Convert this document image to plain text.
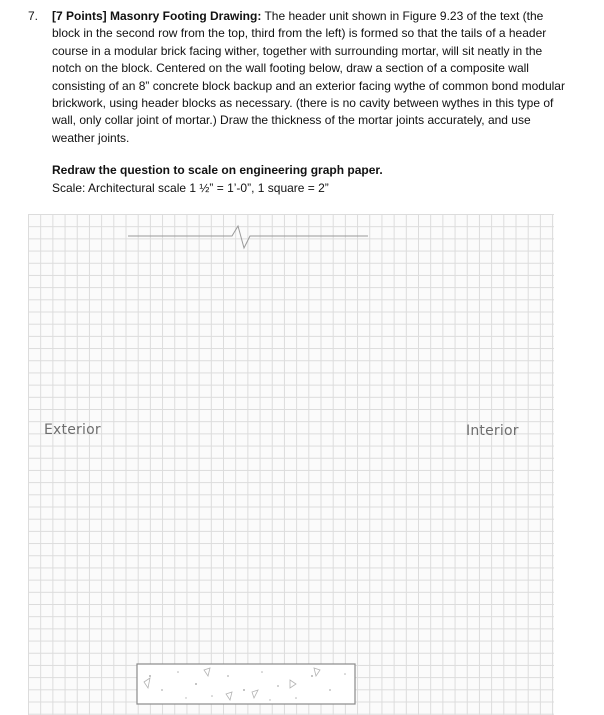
7. [7 Points] Masonry Footing Drawing: The header unit shown in Figure 9.23 of the text (the block in the second row from the top, third from the left) is formed so that the tails of a header course in a modular brick facing wither, together with surrounding mortar, will sit neatly in the notch on the block. Centered on the wall footing below, draw a section of a composite wall consisting of an 8” concrete block backup and an exterior facing wythe of common bond modular brickwork, using header blocks as necessary. (there is no cavity between wythes in this type of wall, only collar joint of mortar.) Draw the thickness of the mortar joints accurately, and use weather joints.
Redraw the question to scale on engineering graph paper.
Scale: Architectural scale 1 ½” = 1’-0”, 1 square = 2”
Exterior	Interior
